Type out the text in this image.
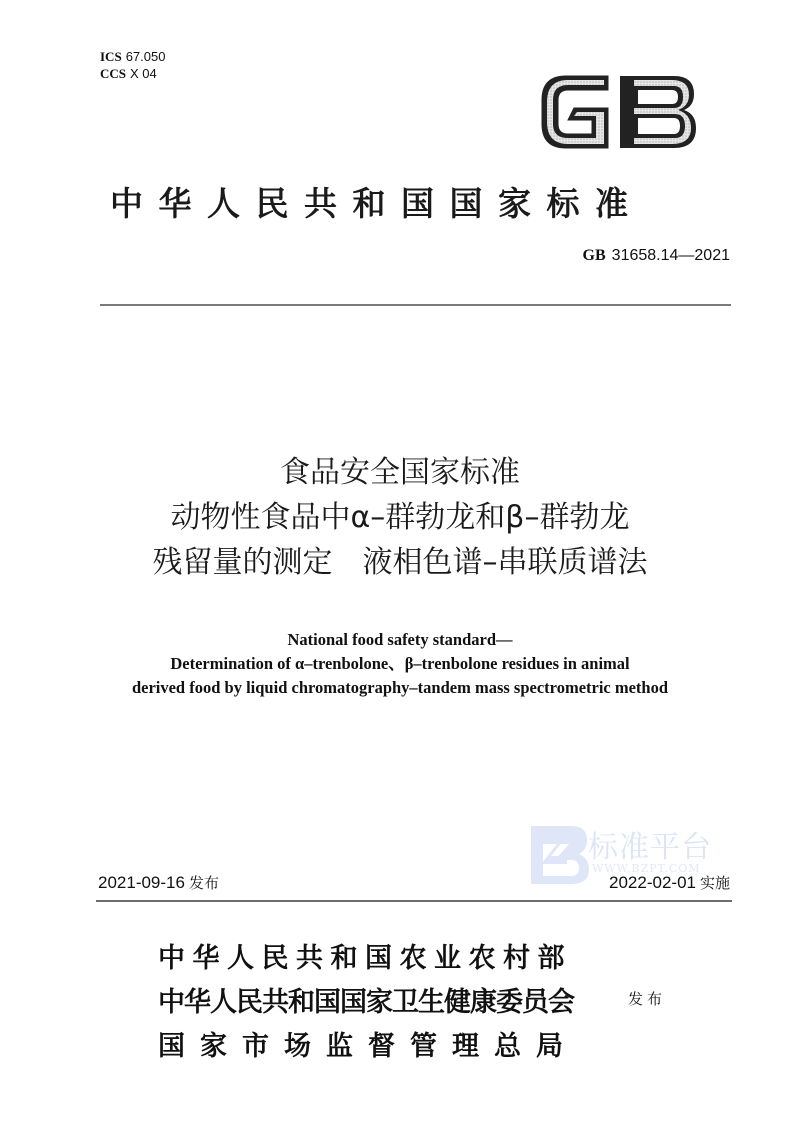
ICS 67.050
CCS X 04
中华人民共和国国家标准
GB 31658.14—2021
食品安全国家标准
动物性食品中α–群勃龙和β–群勃龙
残留量的测定　液相色谱–串联质谱法
National food safety standard—
Determination of α–trenbolone、β–trenbolone residues in animal
derived food by liquid chromatography–tandem mass spectrometric method
标准平台
WWW.BZPT.COM
2021-09-16 发布	2022-02-01 实施
中华人民共和国农业农村部
中华人民共和国国家卫生健康委员会
国家市场监督管理总局
发布
